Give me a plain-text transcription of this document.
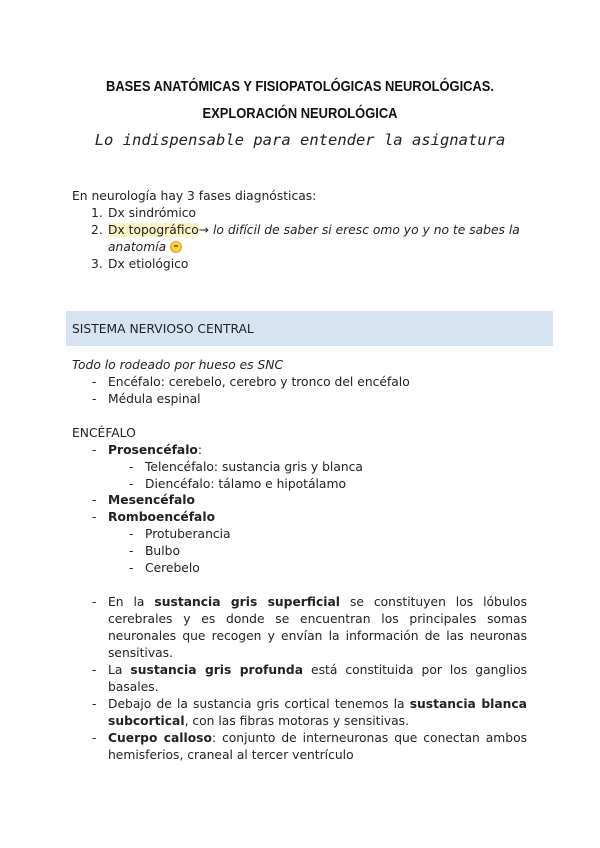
BASES ANATÓMICAS Y FISIOPATOLÓGICAS NEUROLÓGICAS.
EXPLORACIÓN NEUROLÓGICA
Lo indispensable para entender la asignatura
En neurología hay 3 fases diagnósticas:
1. Dx sindrómico
2. Dx topográfico→ lo difícil de saber si eresc omo yo y no te sabes la
anatomía
3. Dx etiológico
SISTEMA NERVIOSO CENTRAL
Todo lo rodeado por hueso es SNC
- Encéfalo: cerebelo, cerebro y tronco del encéfalo
- Médula espinal
ENCÉFALO
- Prosencéfalo:
- Telencéfalo: sustancia gris y blanca
- Diencéfalo: tálamo e hipotálamo
- Mesencéfalo
- Romboencéfalo
- Protuberancia
- Bulbo
- Cerebelo
- En la sustancia gris superficial se constituyen los lóbulos cerebrales y es donde se encuentran los principales somas neuronales que recogen y envían la información de las neuronas sensitivas.
- La sustancia gris profunda está constituida por los ganglios basales.
- Debajo de la sustancia gris cortical tenemos la sustancia blanca subcortical, con las fibras motoras y sensitivas.
- Cuerpo calloso: conjunto de interneuronas que conectan ambos hemisferios, craneal al tercer ventrículo
